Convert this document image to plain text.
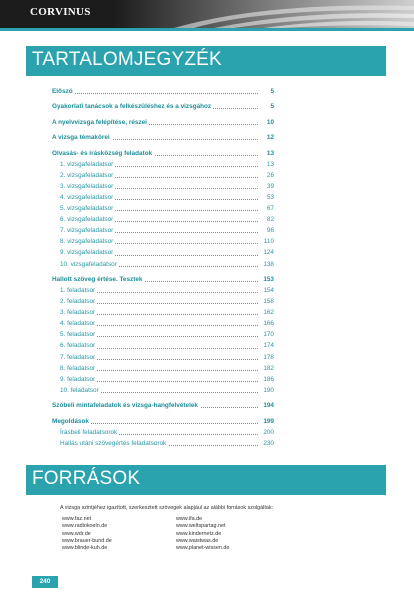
CORVINUS
TARTALOMJEGYZÉK
Előszó	5
Gyakorlati tanácsok a felkészüléshez és a vizsgához	5
A nyelvvizsga felépítése, részei	10
A vizsga témakörei	12
Olvasás- és írásközség feladatok	13
1. vizsgafeladatsor	13
2. vizsgafeladatsor	26
3. vizsgafeladatsor	39
4. vizsgafeladatsor	53
5. vizsgafeladatsor	67
6. vizsgafeladatsor	82
7. vizsgafeladatsor	96
8. vizsgafeladatsor	110
9. vizsgafeladatsor	124
10. vizsgafeladatsor	138
Hallott szöveg értése. Tesztek	153
1. feladatsor	154
2. feladatsor	158
3. feladatsor	162
4. feladatsor	166
5. feladatsor	170
6. feladatsor	174
7. feladatsor	178
8. feladatsor	182
9. feladatsor	186
10. feladatsor	190
Szóbeli mintafeladatok és vizsga-hangfelvételek	194
Megoldások	199
Írásbeli feladatsorok	200
Hallás utáni szövegértés feladatsorok	230
FORRÁSOK
A vizsga szintjéhez igazított, szerkesztett szövegek alapjául az alábbi források szolgáltak:
www.faz.net
www.radiokoeln.de
www.wdr.de
www.brauer-bund.de
www.blinde-kuh.de
www.ifa.de
www.weltspartag.net
www.kindernetz.de
www.waistwas.de
www.planet-wissen.de
240
